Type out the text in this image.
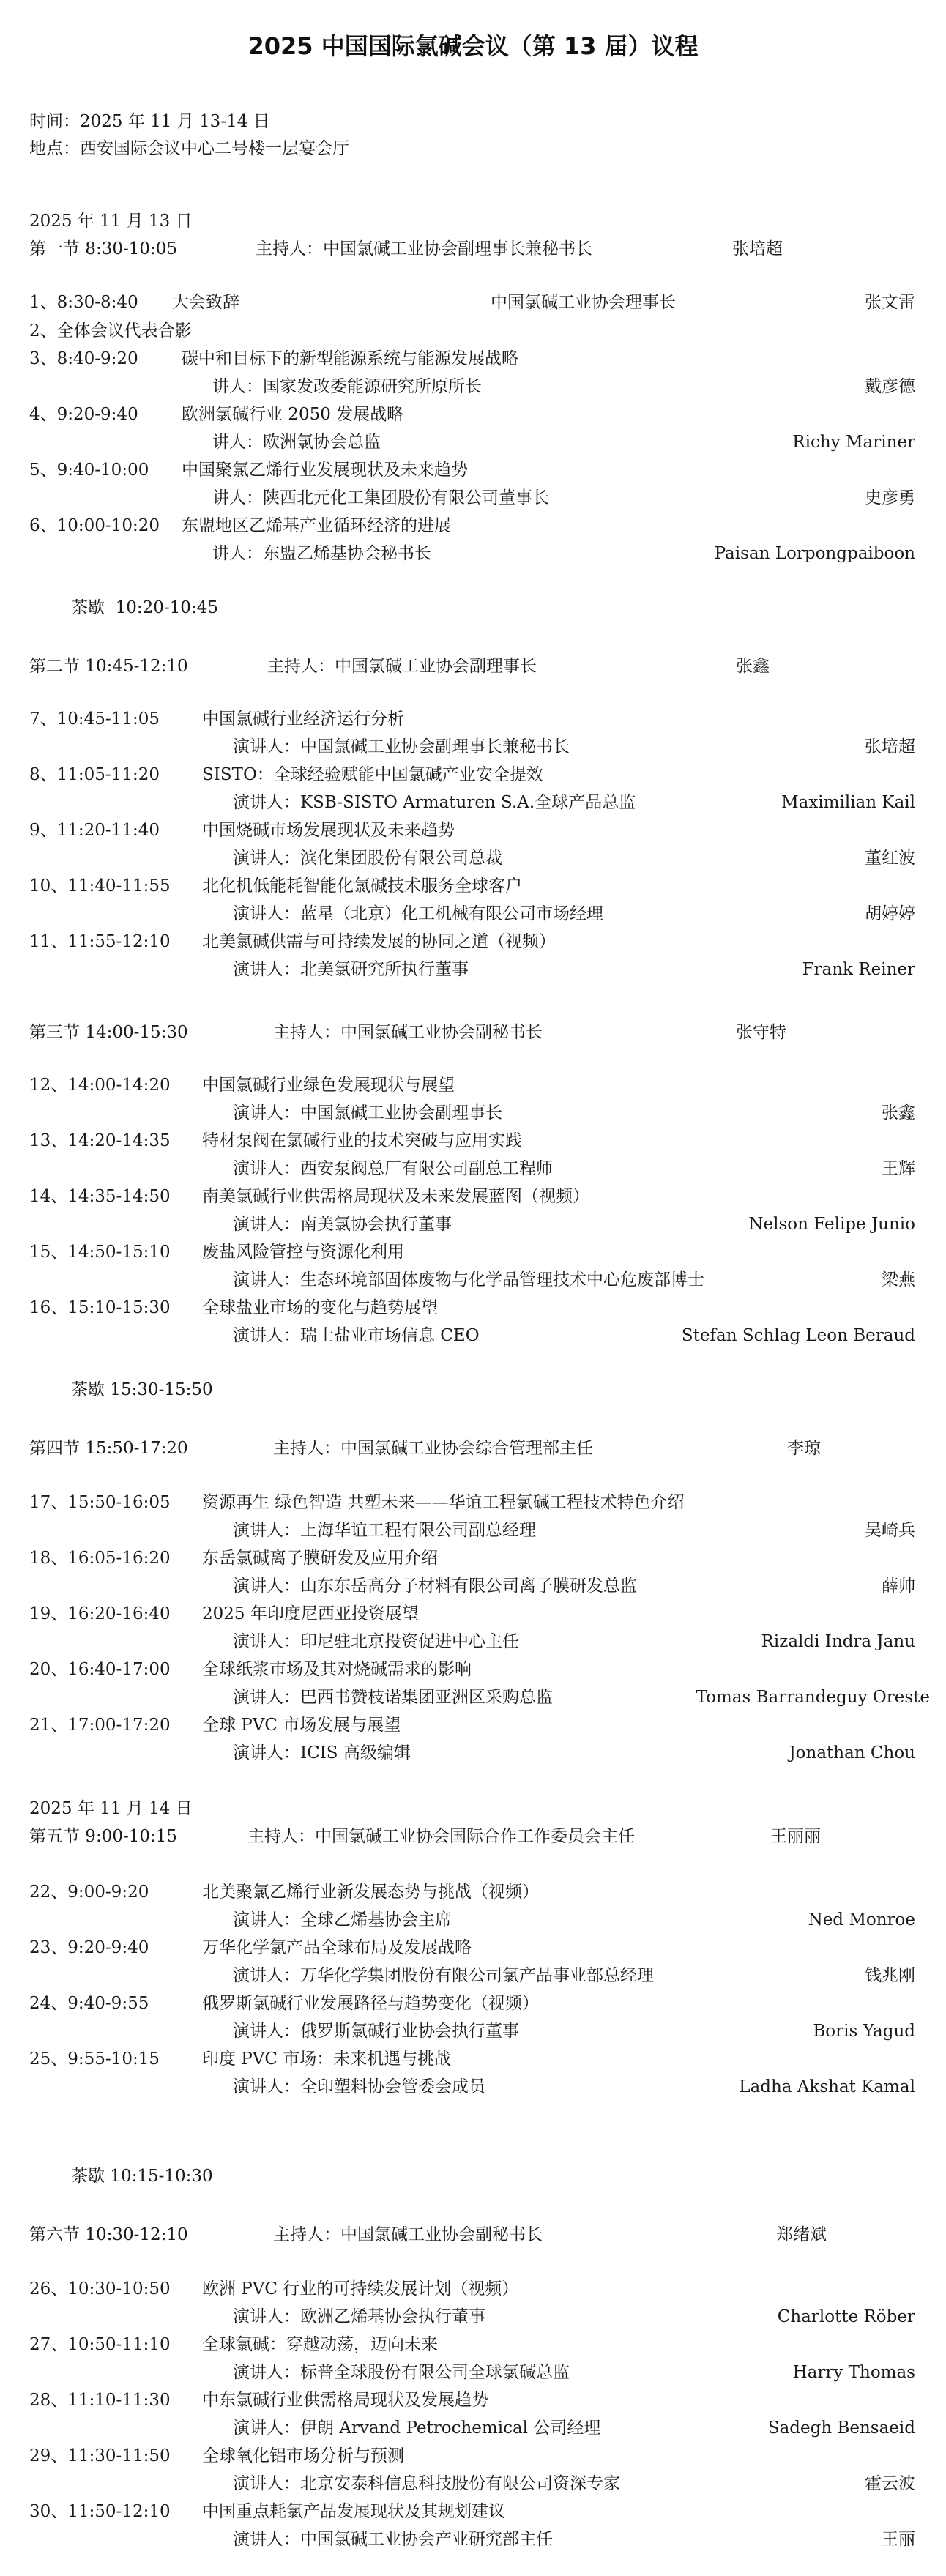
2025 中国国际氯碱会议（第 13 届）议程
时间：2025 年 11 月 13-14 日
地点：西安国际会议中心二号楼一层宴会厅
2025 年 11 月 13 日
第一节 8:30-10:05	主持人：中国氯碱工业协会副理事长兼秘书长	张培超
1、8:30-8:40 大会致辞	中国氯碱工业协会理事长	张文雷
2、全体会议代表合影
3、8:40-9:20	碳中和目标下的新型能源系统与能源发展战略
讲人：国家发改委能源研究所原所长	戴彦德
4、9:20-9:40	欧洲氯碱行业 2050 发展战略
讲人：欧洲氯协会总监	Richy Mariner
5、9:40-10:00 中国聚氯乙烯行业发展现状及未来趋势
讲人：陕西北元化工集团股份有限公司董事长	史彦勇
6、10:00-10:20 东盟地区乙烯基产业循环经济的进展
讲人：东盟乙烯基协会秘书长	Paisan Lorpongpaiboon
茶歇  10:20-10:45
第二节 10:45-12:10	主持人：中国氯碱工业协会副理事长	张鑫
7、10:45-11:05	中国氯碱行业经济运行分析
演讲人：中国氯碱工业协会副理事长兼秘书长	张培超
8、11:05-11:20	SISTO：全球经验赋能中国氯碱产业安全提效
演讲人：KSB-SISTO Armaturen S.A.全球产品总监	Maximilian Kail
9、11:20-11:40	中国烧碱市场发展现状及未来趋势
演讲人：滨化集团股份有限公司总裁	董红波
10、11:40-11:55 北化机低能耗智能化氯碱技术服务全球客户
演讲人：蓝星（北京）化工机械有限公司市场经理	胡婷婷
11、11:55-12:10 北美氯碱供需与可持续发展的协同之道（视频）
演讲人：北美氯研究所执行董事	Frank Reiner
第三节 14:00-15:30	主持人：中国氯碱工业协会副秘书长	张守特
12、14:00-14:20 中国氯碱行业绿色发展现状与展望
演讲人：中国氯碱工业协会副理事长	张鑫
13、14:20-14:35 特材泵阀在氯碱行业的技术突破与应用实践
演讲人：西安泵阀总厂有限公司副总工程师	王辉
14、14:35-14:50 南美氯碱行业供需格局现状及未来发展蓝图（视频）
演讲人：南美氯协会执行董事	Nelson Felipe Junio
15、14:50-15:10 废盐风险管控与资源化利用
演讲人：生态环境部固体废物与化学品管理技术中心危废部博士	梁燕
16、15:10-15:30 全球盐业市场的变化与趋势展望
演讲人：瑞士盐业市场信息 CEO	Stefan Schlag Leon Beraud
茶歇 15:30-15:50
第四节 15:50-17:20	主持人：中国氯碱工业协会综合管理部主任	李琼
17、15:50-16:05 资源再生 绿色智造 共塑未来——华谊工程氯碱工程技术特色介绍
演讲人：上海华谊工程有限公司副总经理	吴崎兵
18、16:05-16:20 东岳氯碱离子膜研发及应用介绍
演讲人：山东东岳高分子材料有限公司离子膜研发总监	薛帅
19、16:20-16:40 2025 年印度尼西亚投资展望
演讲人：印尼驻北京投资促进中心主任	Rizaldi Indra Janu
20、16:40-17:00 全球纸浆市场及其对烧碱需求的影响
演讲人：巴西书赞枝诺集团亚洲区采购总监	Tomas Barrandeguy Oreste
21、17:00-17:20 全球 PVC 市场发展与展望
演讲人：ICIS 高级编辑	Jonathan Chou
2025 年 11 月 14 日

第五节 9:00-10:15

	主持人：中国氯碱工业协会国际合作工作委员会主任

	王丽丽

22、9:00-9:20	北美聚氯乙烯行业新发展态势与挑战（视频）
演讲人：全球乙烯基协会主席	Ned Monroe
23、9:20-9:40	万华化学氯产品全球布局及发展战略
演讲人：万华化学集团股份有限公司氯产品事业部总经理	钱兆刚
24、9:40-9:55	俄罗斯氯碱行业发展路径与趋势变化（视频）
演讲人：俄罗斯氯碱行业协会执行董事	Boris Yagud
25、9:55-10:15	印度 PVC 市场：未来机遇与挑战
演讲人：全印塑料协会管委会成员	Ladha Akshat Kamal
茶歇 10:15-10:30
第六节 10:30-12:10	主持人：中国氯碱工业协会副秘书长	郑绪斌
26、10:30-10:50 欧洲 PVC 行业的可持续发展计划（视频）
演讲人：欧洲乙烯基协会执行董事	Charlotte Röber
27、10:50-11:10 全球氯碱：穿越动荡，迈向未来
演讲人：标普全球股份有限公司全球氯碱总监	Harry Thomas
28、11:10-11:30 中东氯碱行业供需格局现状及发展趋势
演讲人：伊朗 Arvand Petrochemical 公司经理	Sadegh Bensaeid
29、11:30-11:50 全球氧化铝市场分析与预测
演讲人：北京安泰科信息科技股份有限公司资深专家	霍云波
30、11:50-12:10 中国重点耗氯产品发展现状及其规划建议
演讲人：中国氯碱工业协会产业研究部主任	王丽
